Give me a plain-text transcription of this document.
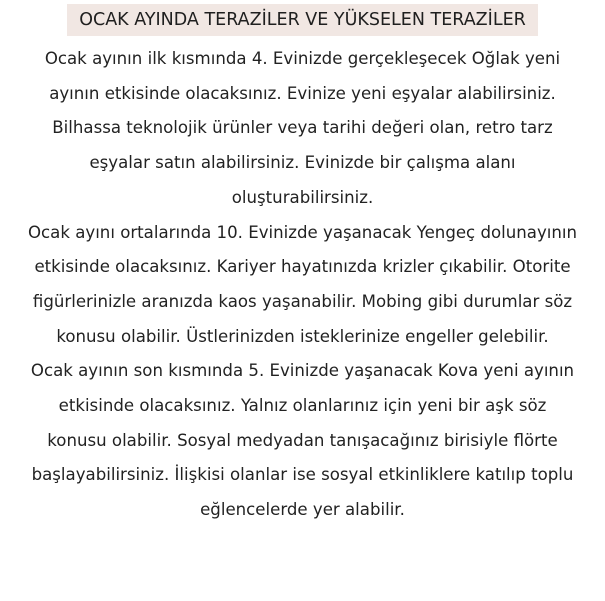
OCAK AYINDA TERAZİLER VE YÜKSELEN TERAZİLER
Ocak ayının ilk kısmında 4. Evinizde gerçekleşecek Oğlak yeni
ayının etkisinde olacaksınız. Evinize yeni eşyalar alabilirsiniz.
Bilhassa teknolojik ürünler veya tarihi değeri olan, retro tarz
eşyalar satın alabilirsiniz. Evinizde bir çalışma alanı
oluşturabilirsiniz.
Ocak ayını ortalarında 10. Evinizde yaşanacak Yengeç dolunayının
etkisinde olacaksınız. Kariyer hayatınızda krizler çıkabilir. Otorite
figürlerinizle aranızda kaos yaşanabilir. Mobing gibi durumlar söz
konusu olabilir. Üstlerinizden isteklerinize engeller gelebilir.
Ocak ayının son kısmında 5. Evinizde yaşanacak Kova yeni ayının
etkisinde olacaksınız. Yalnız olanlarınız için yeni bir aşk söz
konusu olabilir. Sosyal medyadan tanışacağınız birisiyle flörte
başlayabilirsiniz. İlişkisi olanlar ise sosyal etkinliklere katılıp toplu
eğlencelerde yer alabilir.
